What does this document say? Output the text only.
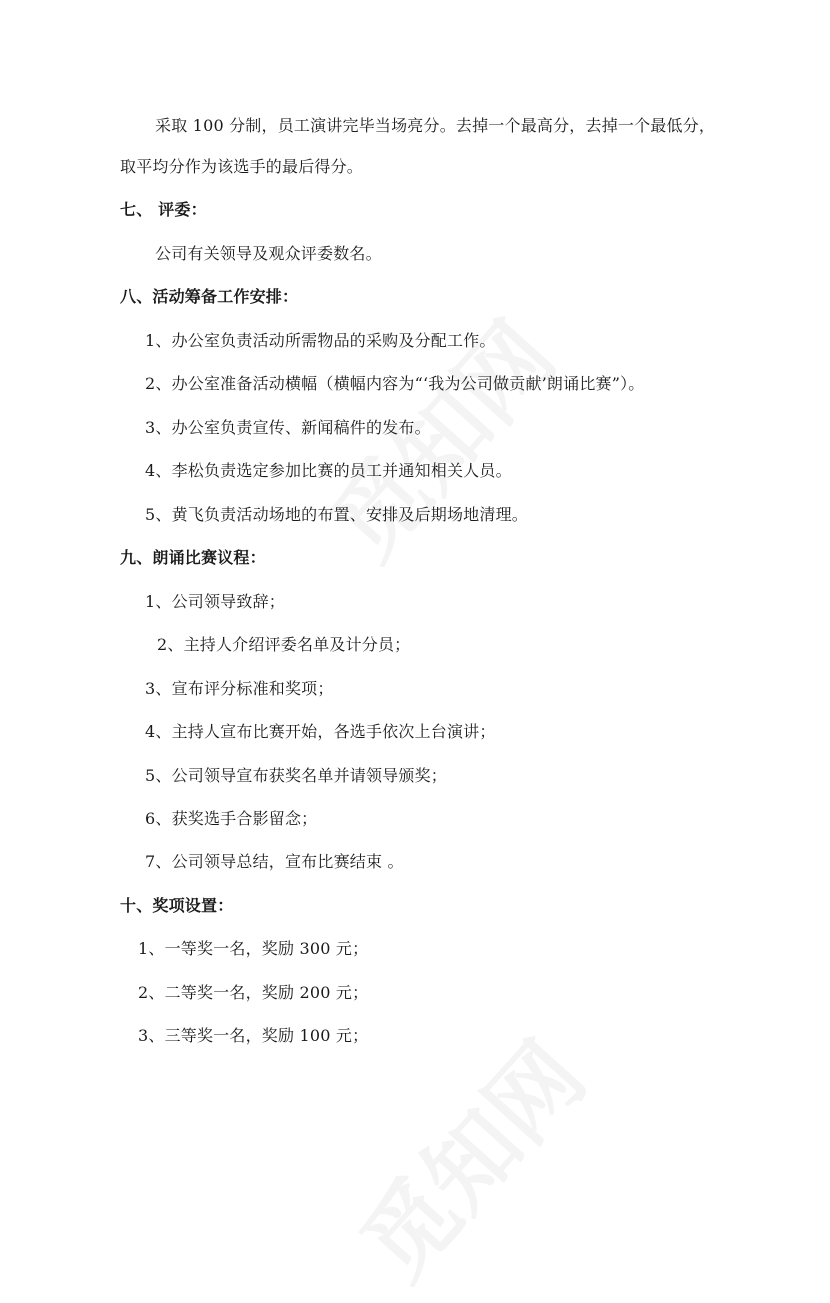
采取 100 分制，员工演讲完毕当场亮分。去掉一个最高分，去掉一个最低分，
取平均分作为该选手的最后得分。
七、 评委：
公司有关领导及观众评委数名。
八、活动筹备工作安排：
1、办公室负责活动所需物品的采购及分配工作。
2、办公室准备活动横幅（横幅内容为“‘我为公司做贡献’朗诵比赛”）。
3、办公室负责宣传、新闻稿件的发布。
4、李松负责选定参加比赛的员工并通知相关人员。
5、黄飞负责活动场地的布置、安排及后期场地清理。
九、朗诵比赛议程：
1、公司领导致辞；
2、主持人介绍评委名单及计分员；
3、宣布评分标准和奖项；
4、主持人宣布比赛开始，各选手依次上台演讲；
5、公司领导宣布获奖名单并请领导颁奖；
6、获奖选手合影留念；
7、公司领导总结，宣布比赛结束 。
十、奖项设置：
1、一等奖一名，奖励 300 元；
2、二等奖一名，奖励 200 元；
3、三等奖一名，奖励 100 元；
